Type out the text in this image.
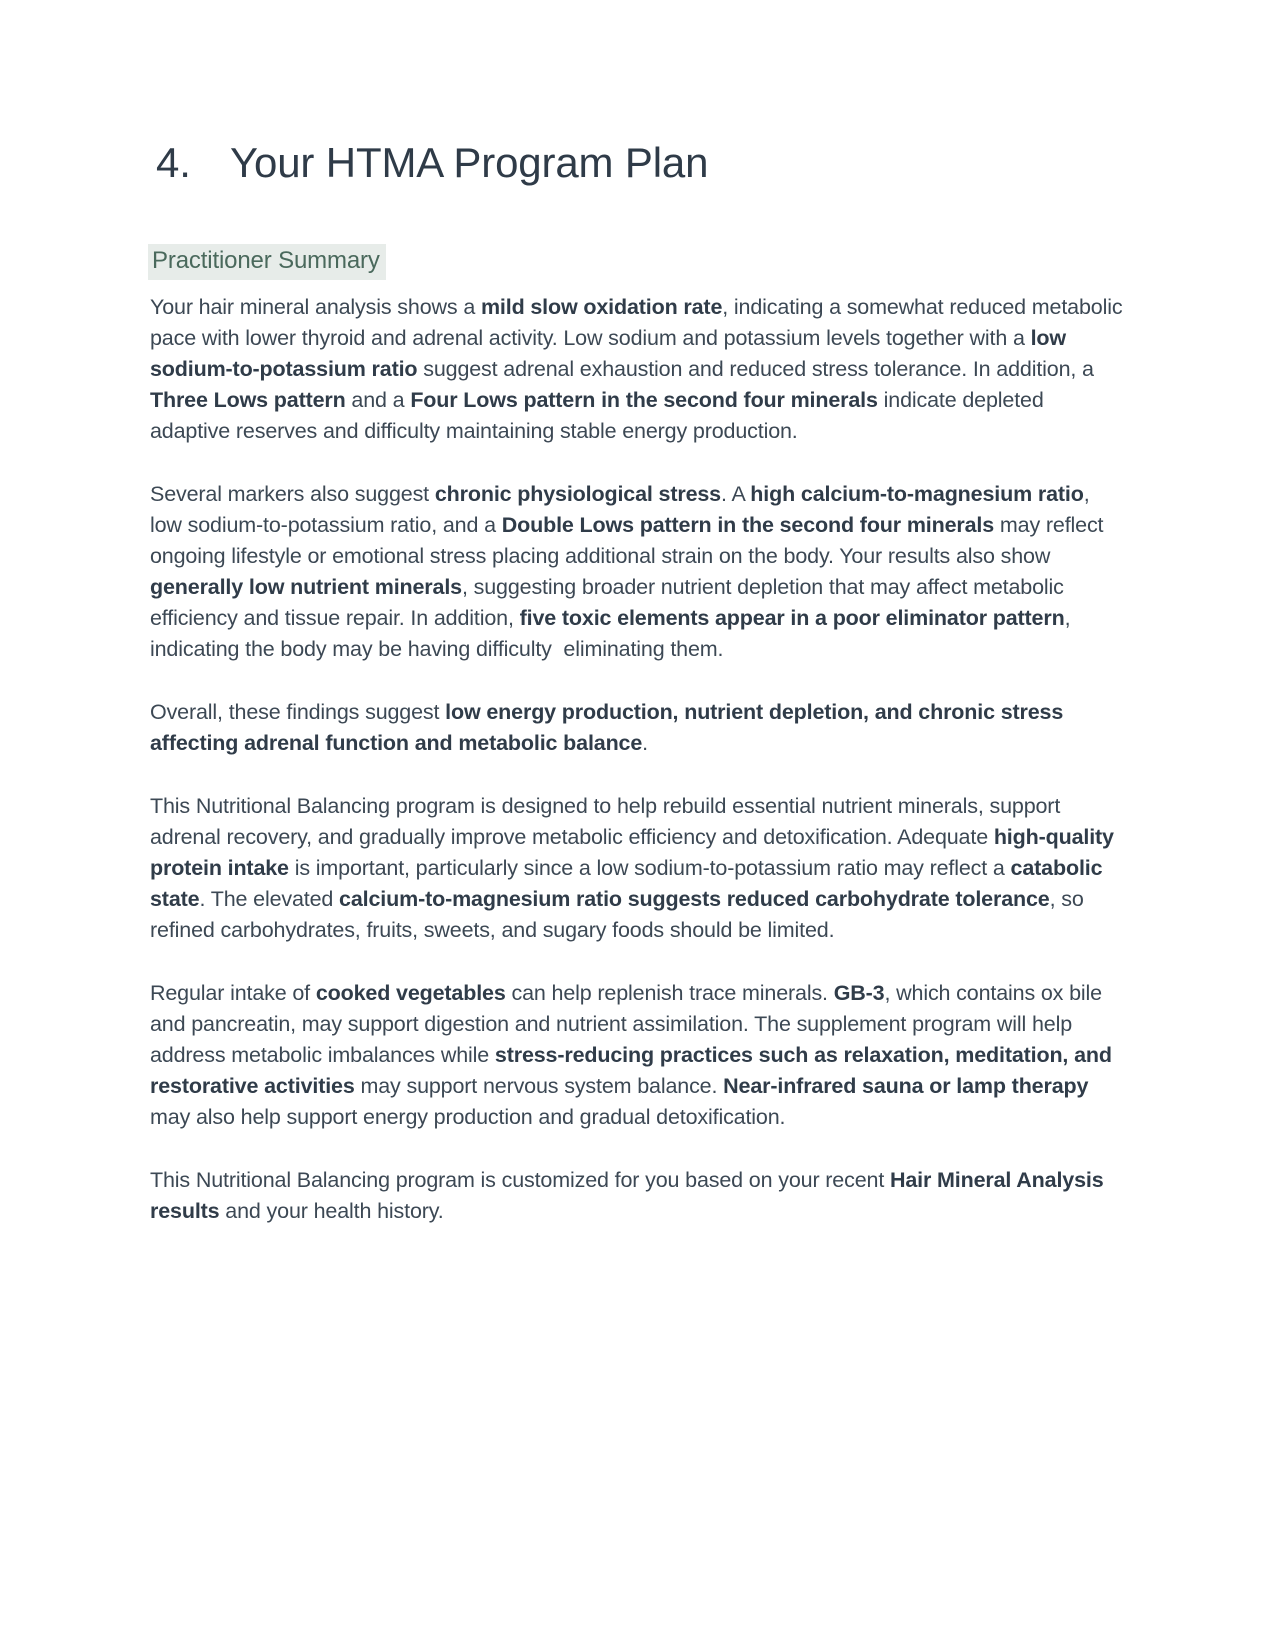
4. Your HTMA Program Plan
Practitioner Summary

Your hair mineral analysis shows a mild slow oxidation rate, indicating a somewhat reduced metabolic pace with lower thyroid and adrenal activity. Low sodium and potassium levels together with a low sodium-to-potassium ratio suggest adrenal exhaustion and reduced stress tolerance. In addition, a Three Lows pattern and a Four Lows pattern in the second four minerals indicate depleted adaptive reserves and difficulty maintaining stable energy production.

Several markers also suggest chronic physiological stress. A high calcium-to-magnesium ratio, low sodium-to-potassium ratio, and a Double Lows pattern in the second four minerals may reflect ongoing lifestyle or emotional stress placing additional strain on the body. Your results also show generally low nutrient minerals, suggesting broader nutrient depletion that may affect metabolic efficiency and tissue repair. In addition, five toxic elements appear in a poor eliminator pattern, indicating the body may be having difficulty  eliminating them.

Overall, these findings suggest low energy production, nutrient depletion, and chronic stress affecting adrenal function and metabolic balance.

This Nutritional Balancing program is designed to help rebuild essential nutrient minerals, support adrenal recovery, and gradually improve metabolic efficiency and detoxification. Adequate high-quality protein intake is important, particularly since a low sodium-to-potassium ratio may reflect a catabolic state. The elevated calcium-to-magnesium ratio suggests reduced carbohydrate tolerance, so refined carbohydrates, fruits, sweets, and sugary foods should be limited.

Regular intake of cooked vegetables can help replenish trace minerals. GB-3, which contains ox bile and pancreatin, may support digestion and nutrient assimilation. The supplement program will help address metabolic imbalances while stress-reducing practices such as relaxation, meditation, and restorative activities may support nervous system balance. Near-infrared sauna or lamp therapy may also help support energy production and gradual detoxification.

This Nutritional Balancing program is customized for you based on your recent Hair Mineral Analysis results and your health history.
